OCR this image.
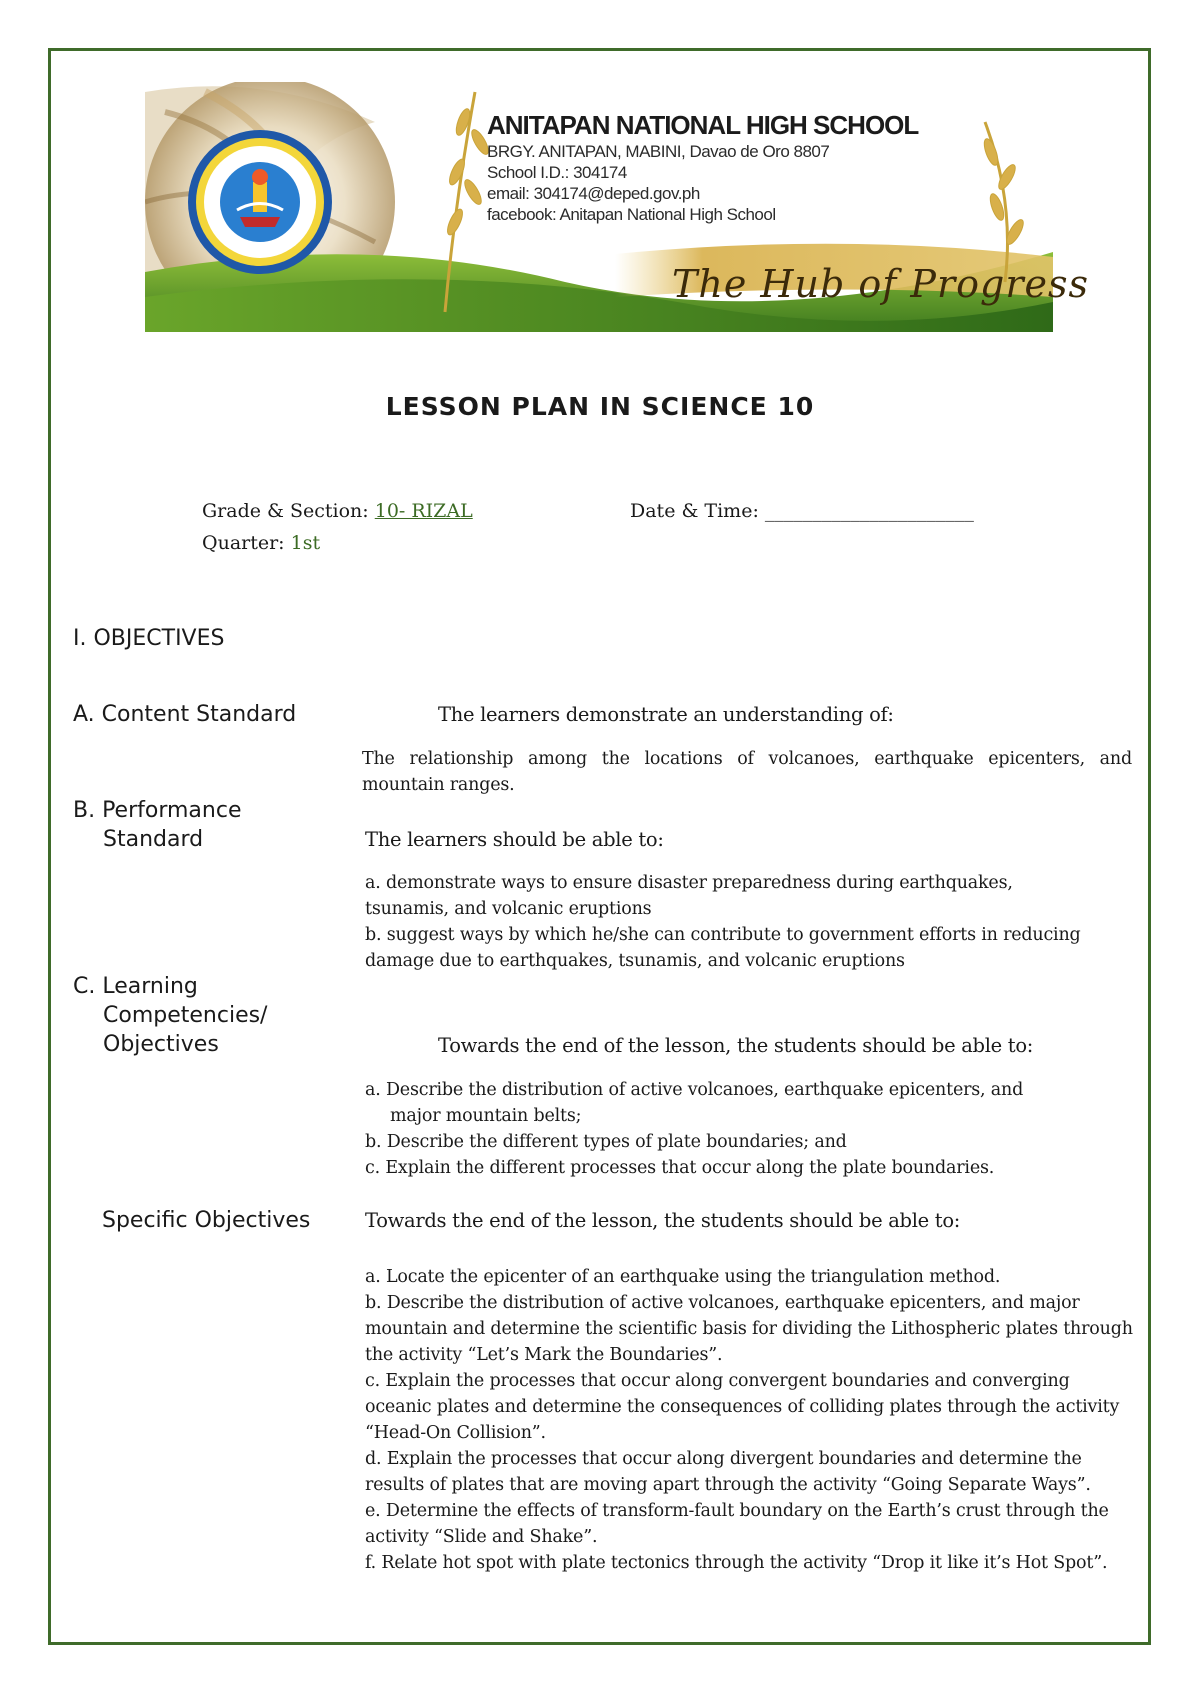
ANITAPAN NATIONAL HIGH SCHOOL
BRGY. ANITAPAN, MABINI, Davao de Oro 8807
School I.D.: 304174
email: 304174@deped.gov.ph
facebook: Anitapan National High School
The Hub of Progress
LESSON PLAN IN SCIENCE 10
Grade & Section: 10- RIZAL	Date & Time: ______________________
Quarter: 1st
I. OBJECTIVES
A. Content Standard	The learners demonstrate an understanding of:
The relationship among the locations of volcanoes, earthquake epicenters, and mountain ranges.
B. Performance
Standard	The learners should be able to:

a. demonstrate ways to ensure disaster preparedness during earthquakes, tsunamis, and volcanic eruptions

b. suggest ways by which he/she can contribute to government efforts in reducing damage due to earthquakes, tsunamis, and volcanic eruptions

C. Learning
Competencies/
Objectives	Towards the end of the lesson, the students should be able to:

a. Describe the distribution of active volcanoes, earthquake epicenters, and

major mountain belts;

b. Describe the different types of plate boundaries; and

c. Explain the different processes that occur along the plate boundaries.

Specific Objectives	Towards the end of the lesson, the students should be able to:

a. Locate the epicenter of an earthquake using the triangulation method.

b. Describe the distribution of active volcanoes, earthquake epicenters, and major mountain and determine the scientific basis for dividing the Lithospheric plates through the activity “Let’s Mark the Boundaries”.

c. Explain the processes that occur along convergent boundaries and converging oceanic plates and determine the consequences of colliding plates through the activity “Head-On Collision”.

d. Explain the processes that occur along divergent boundaries and determine the results of plates that are moving apart through the activity “Going Separate Ways”.

e. Determine the effects of transform-fault boundary on the Earth’s crust through the activity “Slide and Shake”.

f. Relate hot spot with plate tectonics through the activity “Drop it like it’s Hot Spot”.
